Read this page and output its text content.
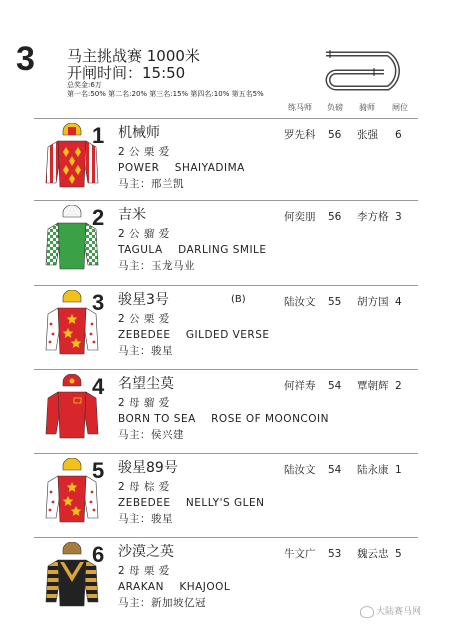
3 马主挑战赛 1000米
开闸时间：15:50
总奖金:6万
第一名:50% 第二名:20% 第三名:15% 第四名:10% 第五名5%
练马师 负磅 骑师 闸位
1 机械师
2 公 栗 爱
POWER SHAIYADIMA
马主：邢兰凯
罗先科 56 张强 6
2 吉米
2 公 骝 爱
TAGULA DARLING SMILE
马主：玉龙马业
何奕朋 56 李方格 3
3 骏星3号	(B)
2 公 栗 爱
ZEBEDEE GILDED VERSE
马主：骏星
陆汝文 55 胡方国 4
4 名望尘莫
2 母 骝 爱
BORN TO SEA ROSE OF MOONCOIN
马主：侯兴建
何祥寿 54 覃朝辉 2
5 骏星89号
2 母 棕 爱
ZEBEDEE NELLY'S GLEN
马主：骏星
陆汝文 54 陆永康 1
6 沙漠之英
2 母 栗 爱
ARAKAN KHAJOOL
马主：新加坡亿冠
牛文广 53 魏云忠 5
大陆赛马网
